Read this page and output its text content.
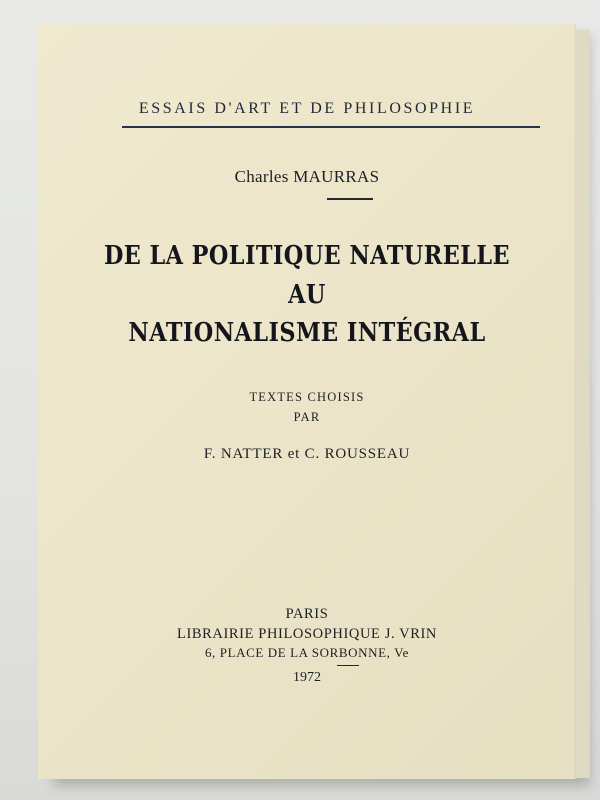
ESSAIS D'ART ET DE PHILOSOPHIE
Charles MAURRAS
DE LA POLITIQUE NATURELLE
AU
NATIONALISME INTÉGRAL
TEXTES CHOISIS
PAR
F. NATTER et C. ROUSSEAU
PARIS
LIBRAIRIE PHILOSOPHIQUE J. VRIN
6, PLACE DE LA SORBONNE, Ve
1972
